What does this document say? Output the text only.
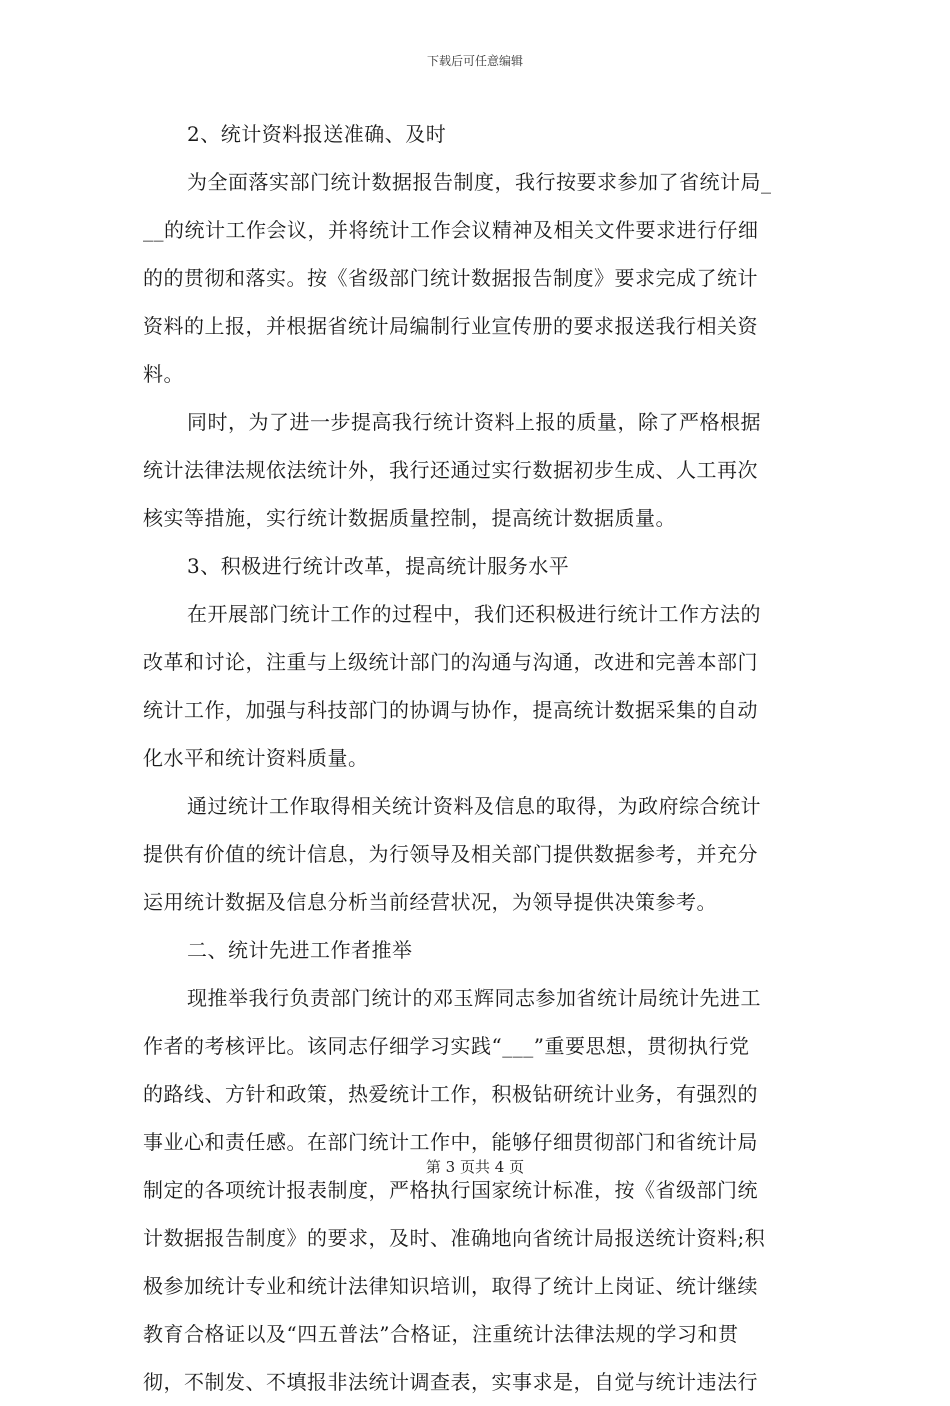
下载后可任意编辑
2、统计资料报送准确、及时
为全面落实部门统计数据报告制度，我行按要求参加了省统计局_
__的统计工作会议，并将统计工作会议精神及相关文件要求进行仔细
的的贯彻和落实。按《省级部门统计数据报告制度》要求完成了统计
资料的上报，并根据省统计局编制行业宣传册的要求报送我行相关资
料。
同时，为了进一步提高我行统计资料上报的质量，除了严格根据
统计法律法规依法统计外，我行还通过实行数据初步生成、人工再次
核实等措施，实行统计数据质量控制，提高统计数据质量。
3、积极进行统计改革，提高统计服务水平
在开展部门统计工作的过程中，我们还积极进行统计工作方法的
改革和讨论，注重与上级统计部门的沟通与沟通，改进和完善本部门
统计工作，加强与科技部门的协调与协作，提高统计数据采集的自动
化水平和统计资料质量。
通过统计工作取得相关统计资料及信息的取得，为政府综合统计
提供有价值的统计信息，为行领导及相关部门提供数据参考，并充分
运用统计数据及信息分析当前经营状况，为领导提供决策参考。
二、统计先进工作者推举
现推举我行负责部门统计的邓玉辉同志参加省统计局统计先进工
作者的考核评比。该同志仔细学习实践“___”重要思想，贯彻执行党
的路线、方针和政策，热爱统计工作，积极钻研统计业务，有强烈的
事业心和责任感。在部门统计工作中，能够仔细贯彻部门和省统计局
制定的各项统计报表制度，严格执行国家统计标准，按《省级部门统
计数据报告制度》的要求，及时、准确地向省统计局报送统计资料;积
极参加统计专业和统计法律知识培训，取得了统计上岗证、统计继续
教育合格证以及“四五普法”合格证，注重统计法律法规的学习和贯
彻，不制发、不填报非法统计调查表，实事求是，自觉与统计违法行
第 3 页共 4 页
